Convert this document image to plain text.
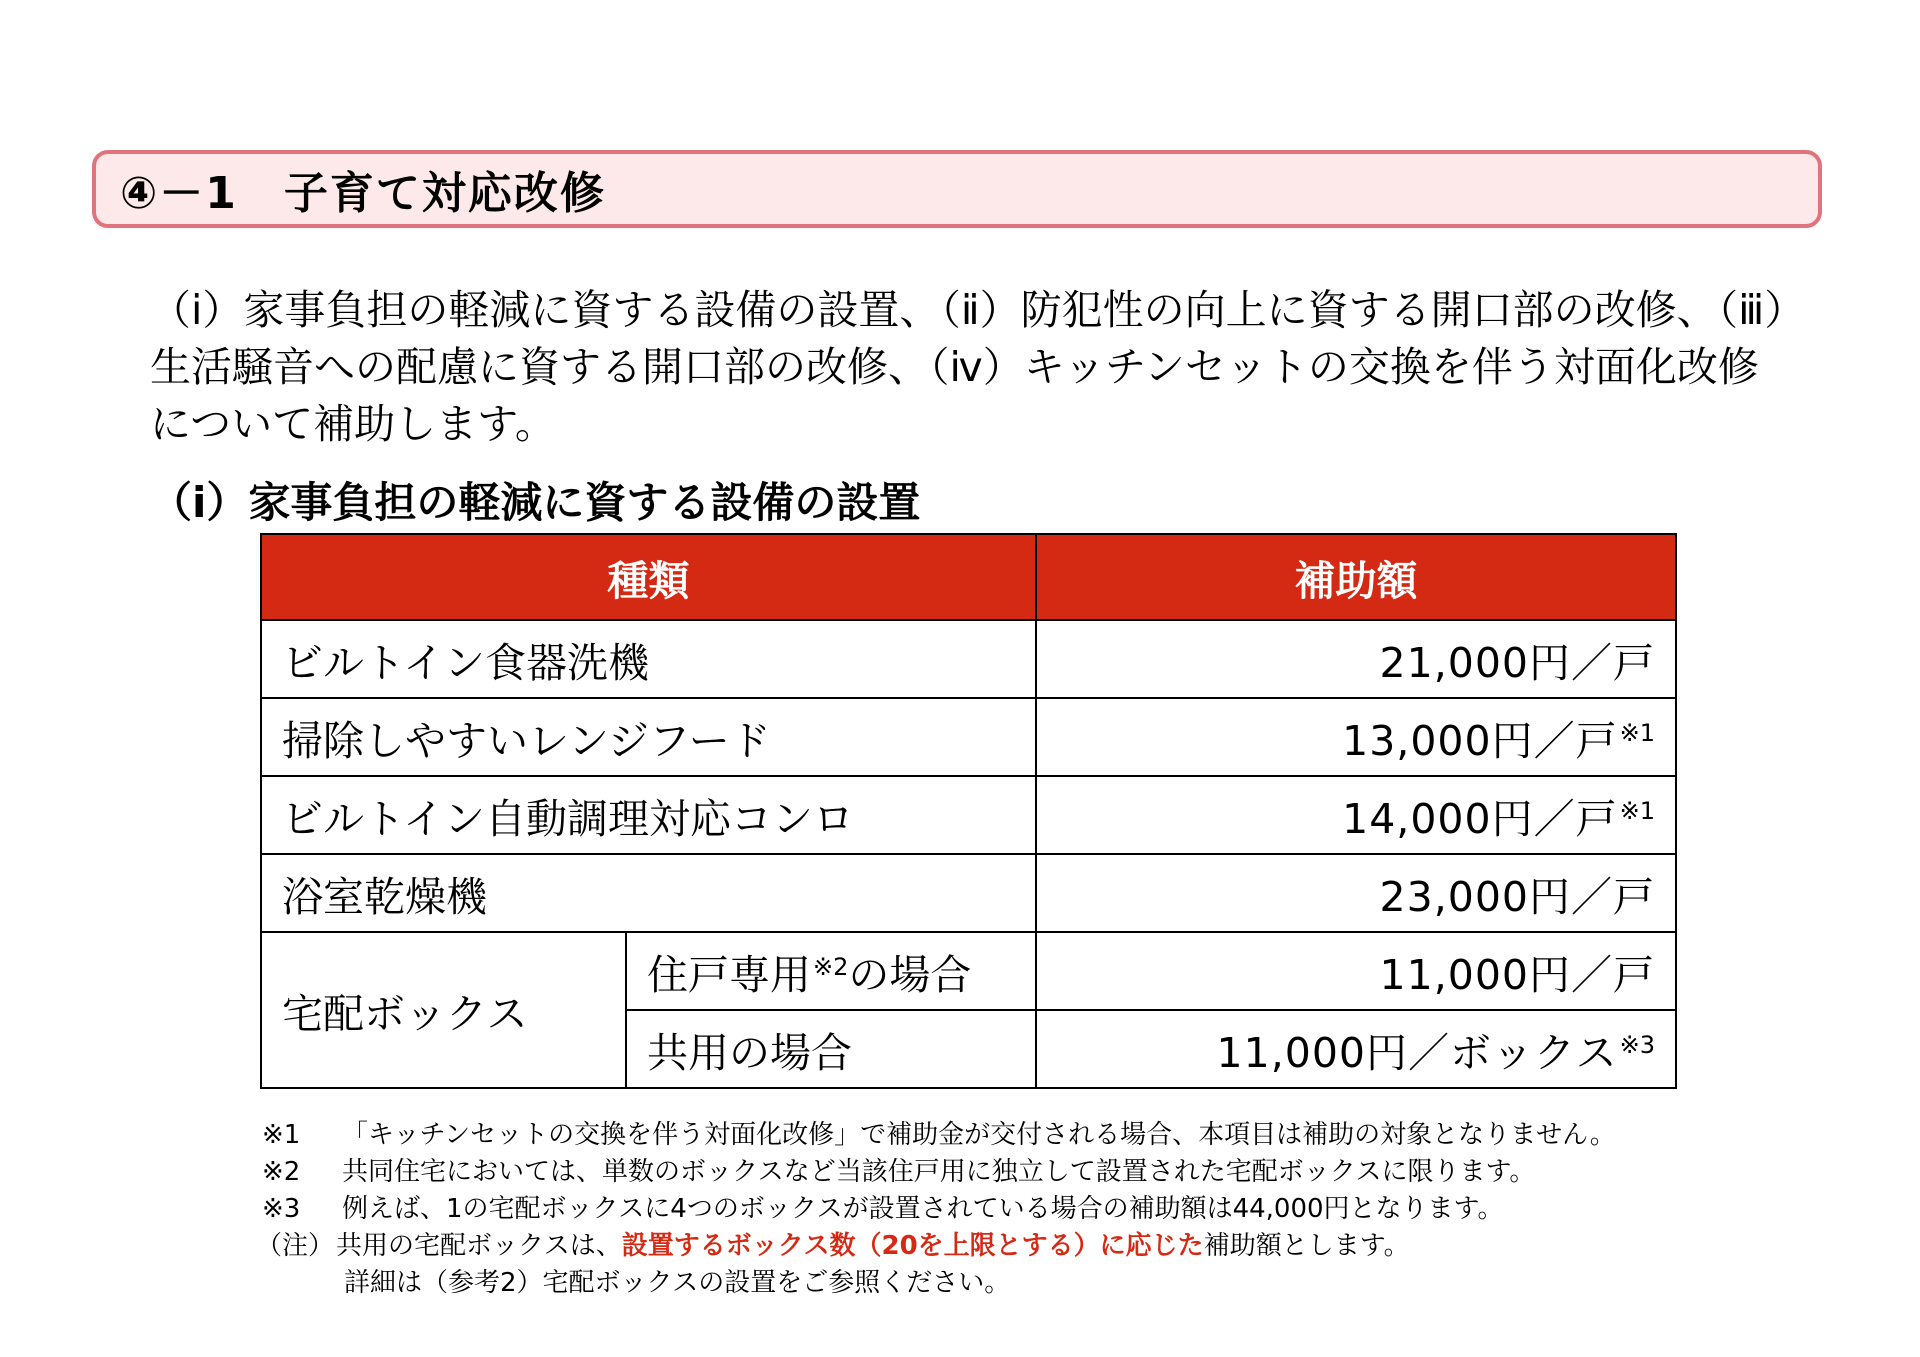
④－1　子育て対応改修

（ⅰ）家事負担の軽減に資する設備の設置、（ⅱ）防犯性の向上に資する開口部の改修、（ⅲ）生活騒音への配慮に資する開口部の改修、（ⅳ）キッチンセットの交換を伴う対面化改修について補助します。

（ⅰ）家事負担の軽減に資する設備の設置

種類		補助額
ビルトイン食器洗機		21,000円／戸
掃除しやすいレンジフード		13,000円／戸$^{※1}$
ビルトイン自動調理対応コンロ		14,000円／戸$^{※1}$
浴室乾燥機		23,000円／戸
宅配ボックス	住戸専用$^{※2}$の場合	11,000円／戸
	共用の場合	11,000円／ボックス$^{※3}$
※1	「キッチンセットの交換を伴う対面化改修」で補助金が交付される場合、本項目は補助の対象となりません。
※2	共同住宅においては、単数のボックスなど当該住戸用に独立して設置された宅配ボックスに限ります。
※3	例えば、1の宅配ボックスに4つのボックスが設置されている場合の補助額は44,000円となります。
（注） 共用の宅配ボックスは、設置するボックス数（20を上限とする）に応じた補助額とします。
詳細は（参考2）宅配ボックスの設置をご参照ください。
